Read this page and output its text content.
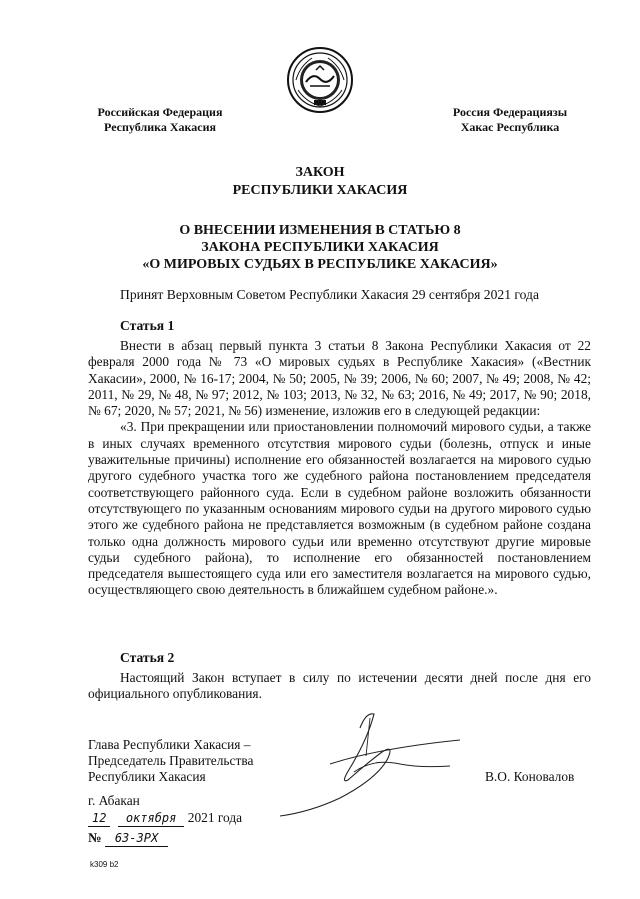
Российская Федерация
Республика Хакасия
Россия Федерациязы
Хакас Республика
ЗАКОН
РЕСПУБЛИКИ ХАКАСИЯ
О ВНЕСЕНИИ ИЗМЕНЕНИЯ В СТАТЬЮ 8
ЗАКОНА РЕСПУБЛИКИ ХАКАСИЯ
«О МИРОВЫХ СУДЬЯХ В РЕСПУБЛИКЕ ХАКАСИЯ»
Принят Верховным Советом Республики Хакасия 29 сентября 2021 года
Статья 1

Внести в абзац первый пункта 3 статьи 8 Закона Республики Хакасия от 22 февраля 2000 года № 73 «О мировых судьях в Республике Хакасия» («Вестник Хакасии», 2000, № 16-17; 2004, № 50; 2005, № 39; 2006, № 60; 2007, № 49; 2008, № 42; 2011, № 29, № 48, № 97; 2012, № 103; 2013, № 32, № 63; 2016, № 49; 2017, № 90; 2018, № 67; 2020, № 57; 2021, № 56) изменение, изложив его в следующей редакции:

«3. При прекращении или приостановлении полномочий мирового судьи, а также в иных случаях временного отсутствия мирового судьи (болезнь, отпуск и иные уважительные причины) исполнение его обязанностей возлагается на мирового судью другого судебного участка того же судебного района постановлением председателя соответствующего районного суда. Если в судебном районе возложить обязанности отсутствующего по указанным основаниям мирового судьи на другого мирового судью этого же судебного района не представляется возможным (в судебном районе создана только одна должность мирового судьи или временно отсутствуют другие мировые судьи судебного района), то исполнение его обязанностей постановлением председателя вышестоящего суда или его заместителя возлагается на мирового судью, осуществляющего свою деятельность в ближайшем судебном районе.».

Статья 2

Настоящий Закон вступает в силу по истечении десяти дней после дня его официального опубликования.

Глава Республики Хакасия –
Председатель Правительства
Республики Хакасия	В.О. Коновалов
г. Абакан
12 октября 2021 года
№ 63-ЗРХ
k309 b2
